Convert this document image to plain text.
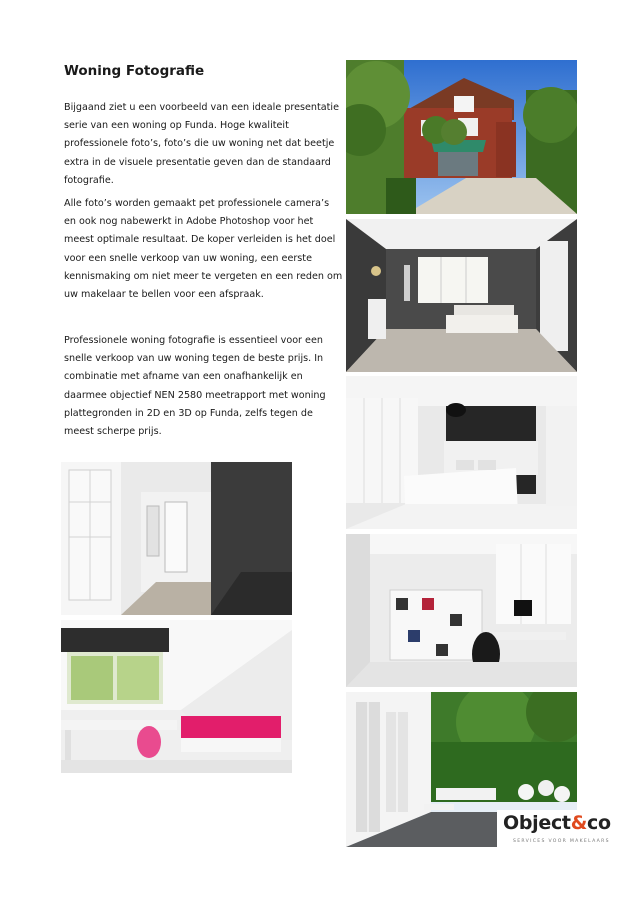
Woning Fotografie

Bijgaand ziet u een voorbeeld van een ideale presentatie serie van een woning op Funda. Hoge kwaliteit professionele foto’s, foto’s die uw woning net dat beetje extra in de visuele presentatie geven dan de standaard fotografie.

Alle foto’s worden gemaakt pet professionele camera’s en ook nog nabewerkt in Adobe Photoshop voor het meest optimale resultaat. De koper verleiden is het doel voor een snelle verkoop van uw woning, een eerste kennismaking om niet meer te vergeten en een reden om uw makelaar te bellen voor een afspraak.

Professionele woning fotografie is essentieel voor een snelle verkoop van uw woning tegen de beste prijs. In combinatie met afname van een onafhankelijk en daarmee objectief NEN 2580 meetrapport met woning plattegronden in 2D en 3D op Funda, zelfs tegen de meest scherpe prijs.

Object&co
SERVICES VOOR MAKELAARS
